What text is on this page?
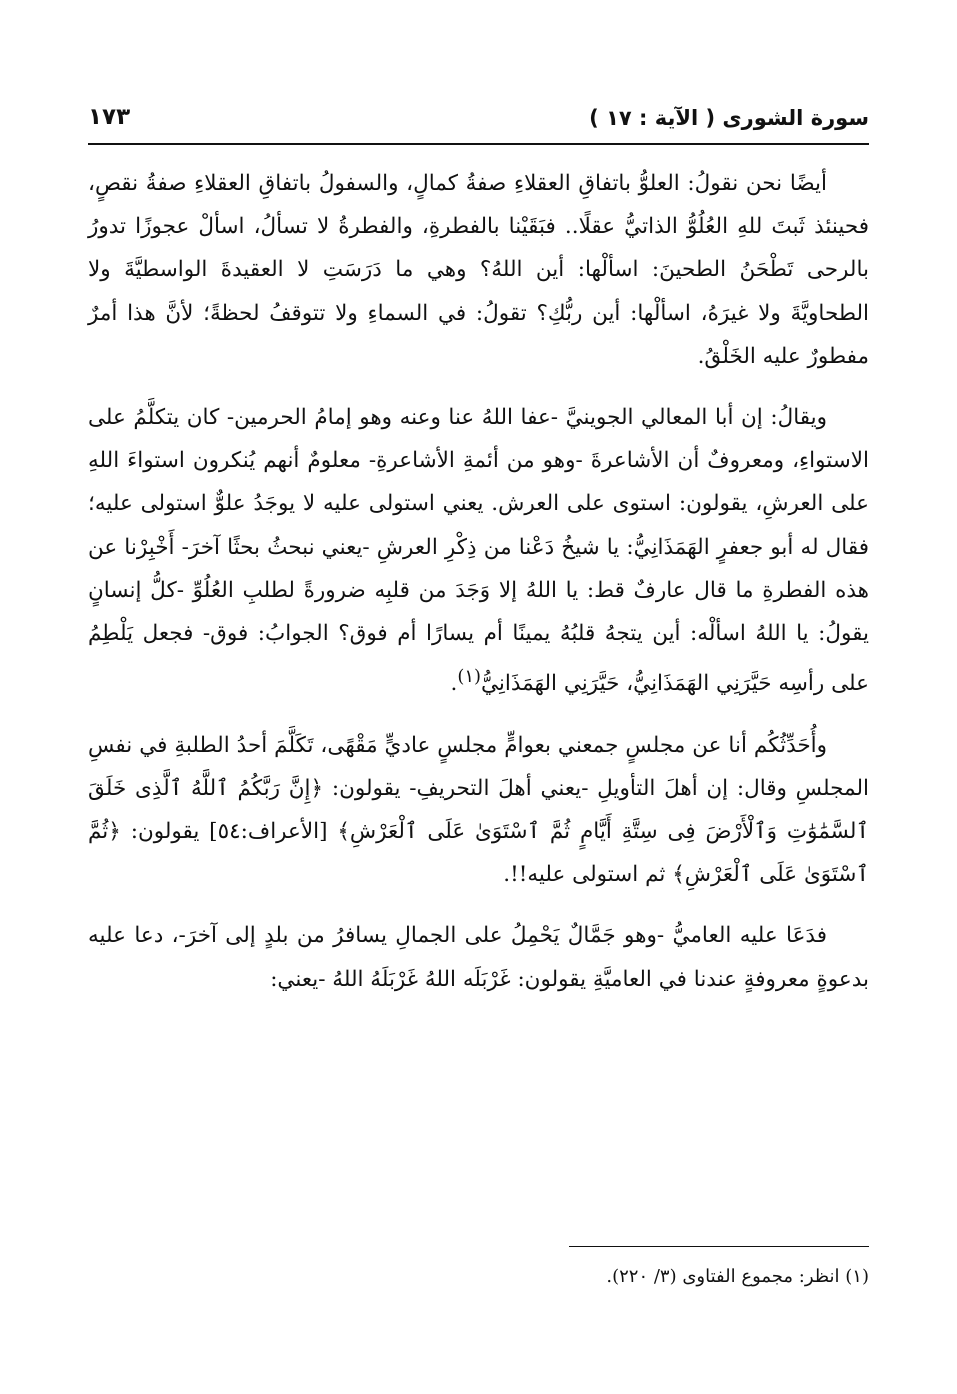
سورة الشورى ( الآية : ١٧ )
١٧٣

أيضًا نحن نقولُ: العلوُّ باتفاقِ العقلاءِ صفةُ كمالٍ، والسفولُ باتفاقِ العقلاءِ صفةُ نقصٍ، فحينئذ ثَبتَ للهِ العُلُوُّ الذاتيُّ عقلًا.. فبَقَيْنا بالفطرةِ، والفطرةُ لا تسألُ، اسألْ عجوزًا تدورُ بالرحى تَطْحَنُ الطحينَ: اسألْها: أين اللهُ؟ وهي ما دَرَسَتِ لا العقيدةَ الواسطيَّةَ ولا الطحاويَّةَ ولا غيرَهُ، اسألْها: أين ربُّكِ؟ تقولُ: في السماءِ ولا تتوقفُ لحظةً؛ لأنَّ هذا أمرٌ مفطورٌ عليه الخَلْقُ.

ويقالُ: إن أبا المعالي الجوينيَّ -عفا اللهُ عنا وعنه وهو إمامُ الحرمين- كان يتكلَّمُ على الاستواءِ، ومعروفٌ أن الأشاعرةَ -وهو من أئمةِ الأشاعرةِ- معلومٌ أنهم يُنكرون استواءَ اللهِ على العرشِ، يقولون: استوى على العرش. يعني استولى عليه لا يوجَدُ علوٌّ استولى عليه؛ فقال له أبو جعفرٍ الهَمَذَانِيُّ: يا شيخُ دَعْنا من ذِكْرِ العرشِ -يعني نبحثُ بحثًا آخرَ- أَخْبِرْنا عن هذه الفطرةِ ما قال عارفٌ قط: يا اللهُ إلا وَجَدَ من قلبِه ضرورةً لطلبِ العُلُوِّ -كلُّ إنسانٍ يقولُ: يا اللهُ اسألْه: أين يتجهُ قلبُهُ يمينًا أم يسارًا أم فوق؟ الجوابُ: فوق- فجعل يَلْطِمُ على رأسِه حَيَّرَنِي الهَمَذَانِيُّ، حَيَّرَنِي الهَمَذَانِيُّ$^{(١)}$.

وأُحَدِّثُكُم أنا عن مجلسٍ جمعني بعوامٍّ مجلسٍ عاديٍّ مَقْهًى، تَكَلَّمَ أحدُ الطلبةِ في نفسِ المجلسِ وقال: إن أهلَ التأويلِ -يعني أهلَ التحريفِ- يقولون: ﴿إِنَّ رَبَّكُمُ ٱللَّهُ ٱلَّذِى خَلَقَ ٱلسَّمَٰوَٰتِ وَٱلْأَرْضَ فِى سِتَّةِ أَيَّامٍ ثُمَّ ٱسْتَوَىٰ عَلَى ٱلْعَرْشِ﴾ [الأعراف:٥٤] يقولون: ﴿ثُمَّ ٱسْتَوَىٰ عَلَى ٱلْعَرْشِ﴾ ثم استولى عليه!!.

فدَعَا عليه العاميُّ -وهو جَمَّالٌ يَحْمِلُ على الجمالِ يسافرُ من بلدٍ إلى آخرَ-، دعا عليه بدعوةٍ معروفةٍ عندنا في العاميَّةِ يقولون: غَرْبَلَه اللهُ غَرْبَلَهُ اللهُ -يعني:

(١) انظر: مجموع الفتاوى (٣/ ٢٢٠).
